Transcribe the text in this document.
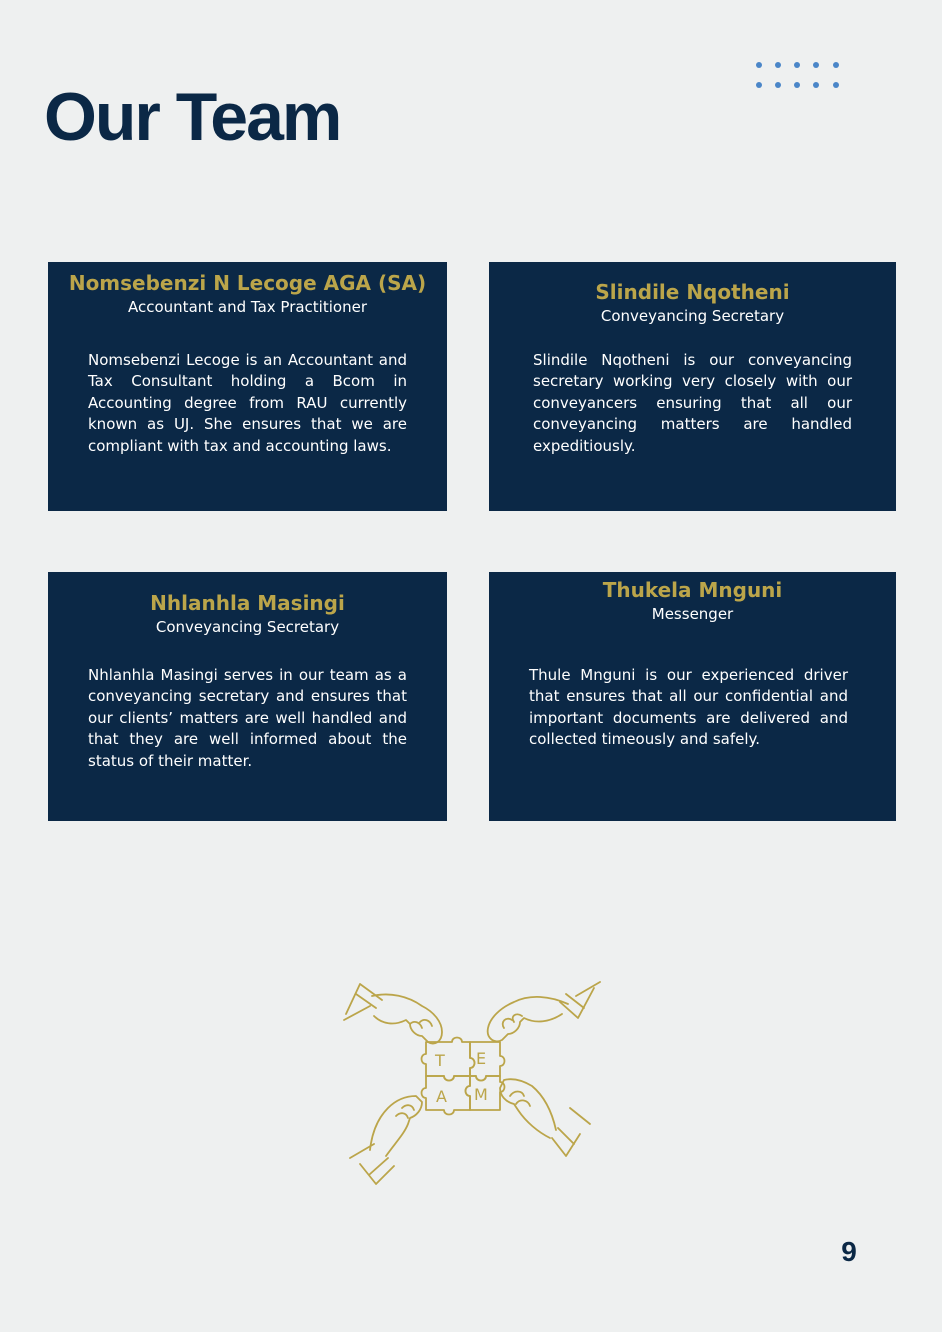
Our Team
Nomsebenzi N Lecoge AGA (SA)
Accountant and Tax Practitioner

Nomsebenzi Lecoge is an Accountant and Tax Consultant holding a Bcom in Accounting degree from RAU currently known as UJ. She ensures that we are compliant with tax and accounting laws.

Slindile Nqotheni
Conveyancing Secretary

Slindile Nqotheni is our conveyancing secretary working very closely with our conveyancers ensuring that all our conveyancing matters are handled expeditiously.

Nhlanhla Masingi
Conveyancing Secretary

Nhlanhla Masingi serves in our team as a conveyancing secretary and ensures that our clients’ matters are well handled and that they are well informed about the status of their matter.

Thukela Mnguni
Messenger

Thule Mnguni is our experienced driver that ensures that all our confidential and important documents are delivered and collected timeously and safely.

T E
A M
9
